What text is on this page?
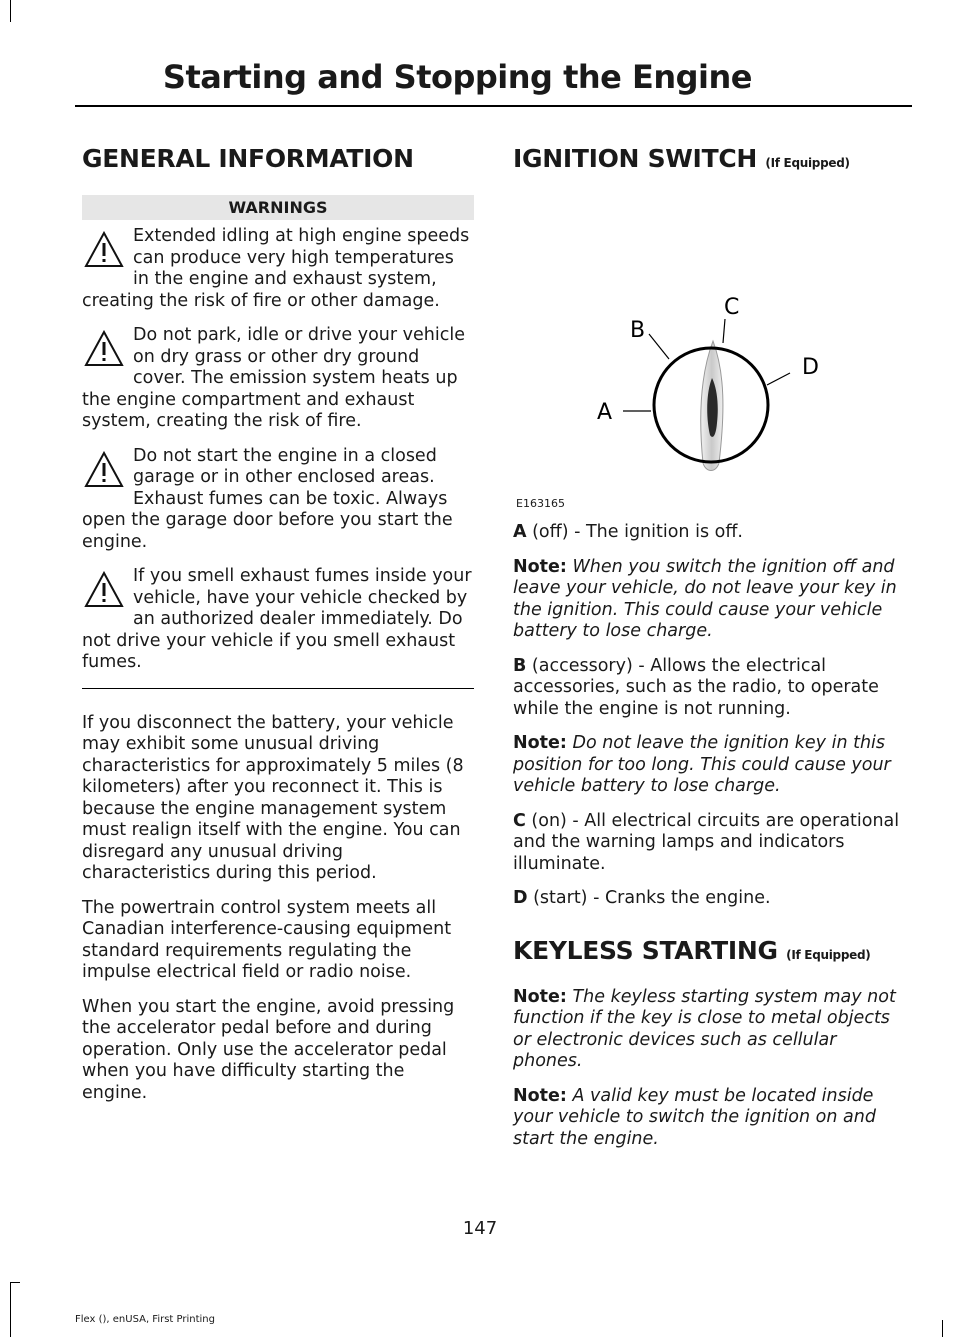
Starting and Stopping the Engine
GENERAL INFORMATION
WARNINGS
Extended idling at high engine speeds can produce very high temperatures in the engine and exhaust system, creating the risk of fire or other damage.
Do not park, idle or drive your vehicle on dry grass or other dry ground cover. The emission system heats up the engine compartment and exhaust system, creating the risk of fire.
Do not start the engine in a closed garage or in other enclosed areas. Exhaust fumes can be toxic. Always open the garage door before you start the engine.
If you smell exhaust fumes inside your vehicle, have your vehicle checked by an authorized dealer immediately. Do not drive your vehicle if you smell exhaust fumes.

If you disconnect the battery, your vehicle may exhibit some unusual driving characteristics for approximately 5 miles (8 kilometers) after you reconnect it. This is because the engine management system must realign itself with the engine. You can disregard any unusual driving characteristics during this period.

The powertrain control system meets all Canadian interference-causing equipment standard requirements regulating the impulse electrical field or radio noise.

When you start the engine, avoid pressing the accelerator pedal before and during operation. Only use the accelerator pedal when you have difficulty starting the engine.

IGNITION SWITCH (If Equipped)
A
B
C
D
E163165

A (off) - The ignition is off.

Note: When you switch the ignition off and leave your vehicle, do not leave your key in the ignition. This could cause your vehicle battery to lose charge.

B (accessory) - Allows the electrical accessories, such as the radio, to operate while the engine is not running.

Note: Do not leave the ignition key in this position for too long. This could cause your vehicle battery to lose charge.

C (on) - All electrical circuits are operational and the warning lamps and indicators illuminate.

D (start) - Cranks the engine.

KEYLESS STARTING (If Equipped)

Note: The keyless starting system may not function if the key is close to metal objects or electronic devices such as cellular phones.

Note: A valid key must be located inside your vehicle to switch the ignition on and start the engine.

147
Flex (), enUSA, First Printing
